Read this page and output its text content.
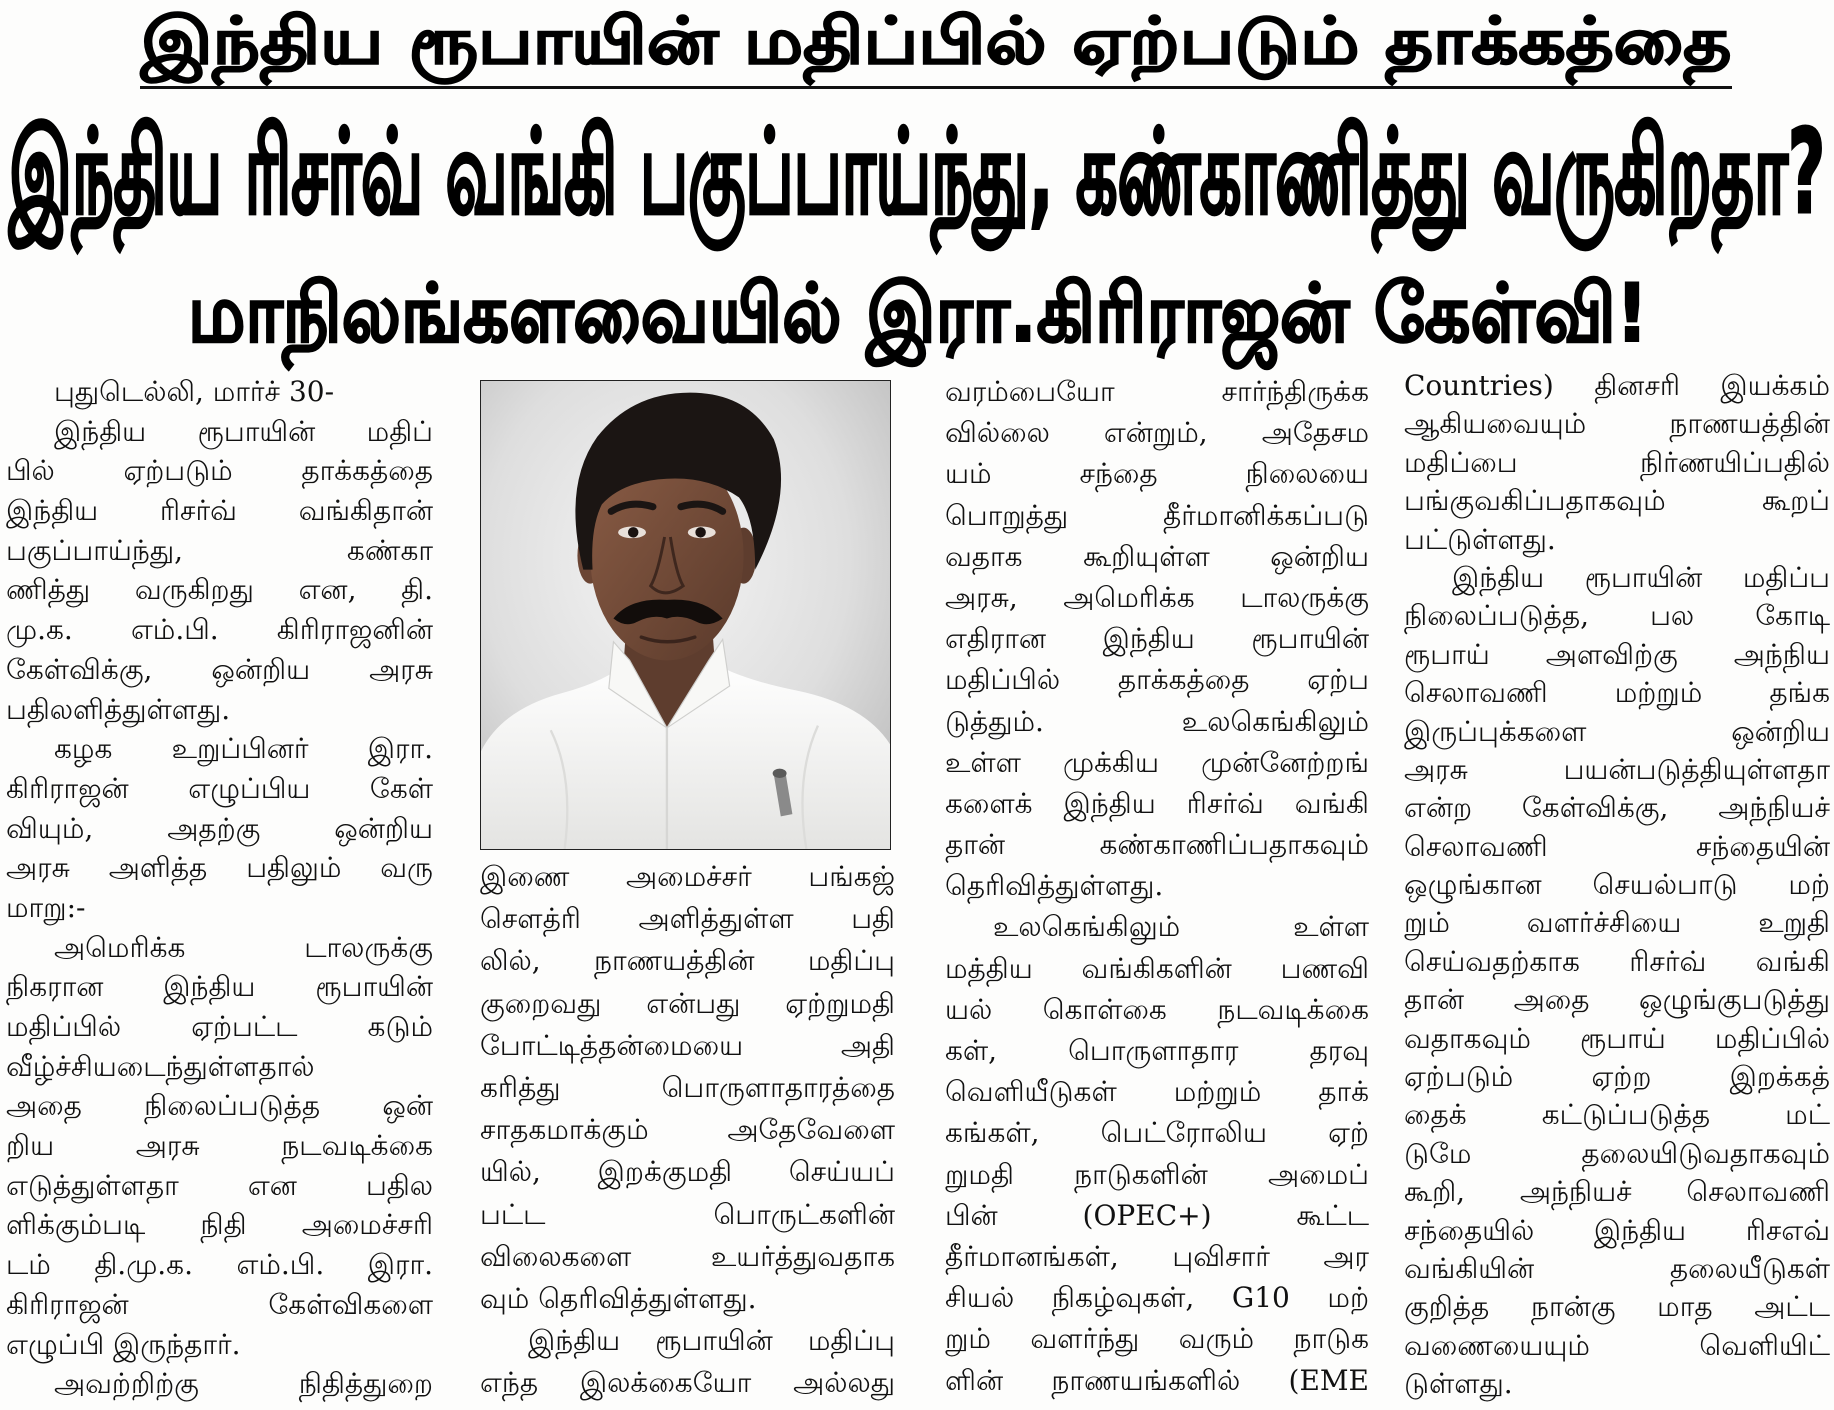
இந்திய ரூபாயின் மதிப்பில் ஏற்படும் தாக்கத்தை
இந்திய ரிசர்வ் வங்கி பகுப்பாய்ந்து, கண்காணித்து வருகிறதா?
மாநிலங்களவையில் இரா.கிரிராஜன் கேள்வி!
புதுடெல்லி, மார்ச் 30-
இந்திய ரூபாயின் மதிப்
பில் ஏற்படும் தாக்கத்தை
இந்திய ரிசர்வ் வங்கிதான்
பகுப்பாய்ந்து, கண்கா
ணித்து வருகிறது என, தி.
மு.க. எம்.பி. கிரிராஜனின்
கேள்விக்கு, ஒன்றிய அரசு
பதிலளித்துள்ளது.
கழக உறுப்பினர் இரா.
கிரிராஜன் எழுப்பிய கேள்
வியும், அதற்கு ஒன்றிய
அரசு அளித்த பதிலும் வரு
மாறு:-
அமெரிக்க டாலருக்கு
நிகரான இந்திய ரூபாயின்
மதிப்பில் ஏற்பட்ட கடும்
வீழ்ச்சியடைந்துள்ளதால்
அதை நிலைப்படுத்த ஒன்
றிய அரசு நடவடிக்கை
எடுத்துள்ளதா என பதில
ளிக்கும்படி நிதி அமைச்சரி
டம் தி.மு.க. எம்.பி. இரா.
கிரிராஜன் கேள்விகளை
எழுப்பி இருந்தார்.
அவற்றிற்கு நிதித்துறை
இணை அமைச்சர் பங்கஜ்
சௌத்ரி அளித்துள்ள பதி
லில், நாணயத்தின் மதிப்பு
குறைவது என்பது ஏற்றுமதி
போட்டித்தன்மையை அதி
கரித்து பொருளாதாரத்தை
சாதகமாக்கும் அதேவேளை
யில், இறக்குமதி செய்யப்
பட்ட பொருட்களின்
விலைகளை உயர்த்துவதாக
வும் தெரிவித்துள்ளது.
இந்திய ரூபாயின் மதிப்பு
எந்த இலக்கையோ அல்லது
வரம்பையோ சார்ந்திருக்க
வில்லை என்றும், அதேசம
யம் சந்தை நிலையை
பொறுத்து தீர்மானிக்கப்படு
வதாக கூறியுள்ள ஒன்றிய
அரசு, அமெரிக்க டாலருக்கு
எதிரான இந்திய ரூபாயின்
மதிப்பில் தாக்கத்தை ஏற்ப
டுத்தும். உலகெங்கிலும்
உள்ள முக்கிய முன்னேற்றங்
களைக் இந்திய ரிசர்வ் வங்கி
தான் கண்காணிப்பதாகவும்
தெரிவித்துள்ளது.
உலகெங்கிலும் உள்ள
மத்திய வங்கிகளின் பணவி
யல் கொள்கை நடவடிக்கை
கள், பொருளாதார தரவு
வெளியீடுகள் மற்றும் தாக்
கங்கள், பெட்ரோலிய ஏற்
றுமதி நாடுகளின் அமைப்
பின் (OPEC+) கூட்ட
தீர்மானங்கள், புவிசார் அர
சியல் நிகழ்வுகள், G10 மற்
றும் வளர்ந்து வரும் நாடுக
ளின் நாணயங்களில் (EME
Countries) தினசரி இயக்கம்
ஆகியவையும் நாணயத்தின்
மதிப்பை நிர்ணயிப்பதில்
பங்குவகிப்பதாகவும் கூறப்
பட்டுள்ளது.
இந்திய ரூபாயின் மதிப்ப
நிலைப்படுத்த, பல கோடி
ரூபாய் அளவிற்கு அந்நிய
செலாவணி மற்றும் தங்க
இருப்புக்களை ஒன்றிய
அரசு பயன்படுத்தியுள்ளதா
என்ற கேள்விக்கு, அந்நியச்
செலாவணி சந்தையின்
ஒழுங்கான செயல்பாடு மற்
றும் வளர்ச்சியை உறுதி
செய்வதற்காக ரிசர்வ் வங்கி
தான் அதை ஒழுங்குபடுத்து
வதாகவும் ரூபாய் மதிப்பில்
ஏற்படும் ஏற்ற இறக்கத்
தைக் கட்டுப்படுத்த மட்
டுமே தலையிடுவதாகவும்
கூறி, அந்நியச் செலாவணி
சந்தையில் இந்திய ரிசஎவ்
வங்கியின் தலையீடுகள்
குறித்த நான்கு மாத அட்ட
வணையையும் வெளியிட்
டுள்ளது.
